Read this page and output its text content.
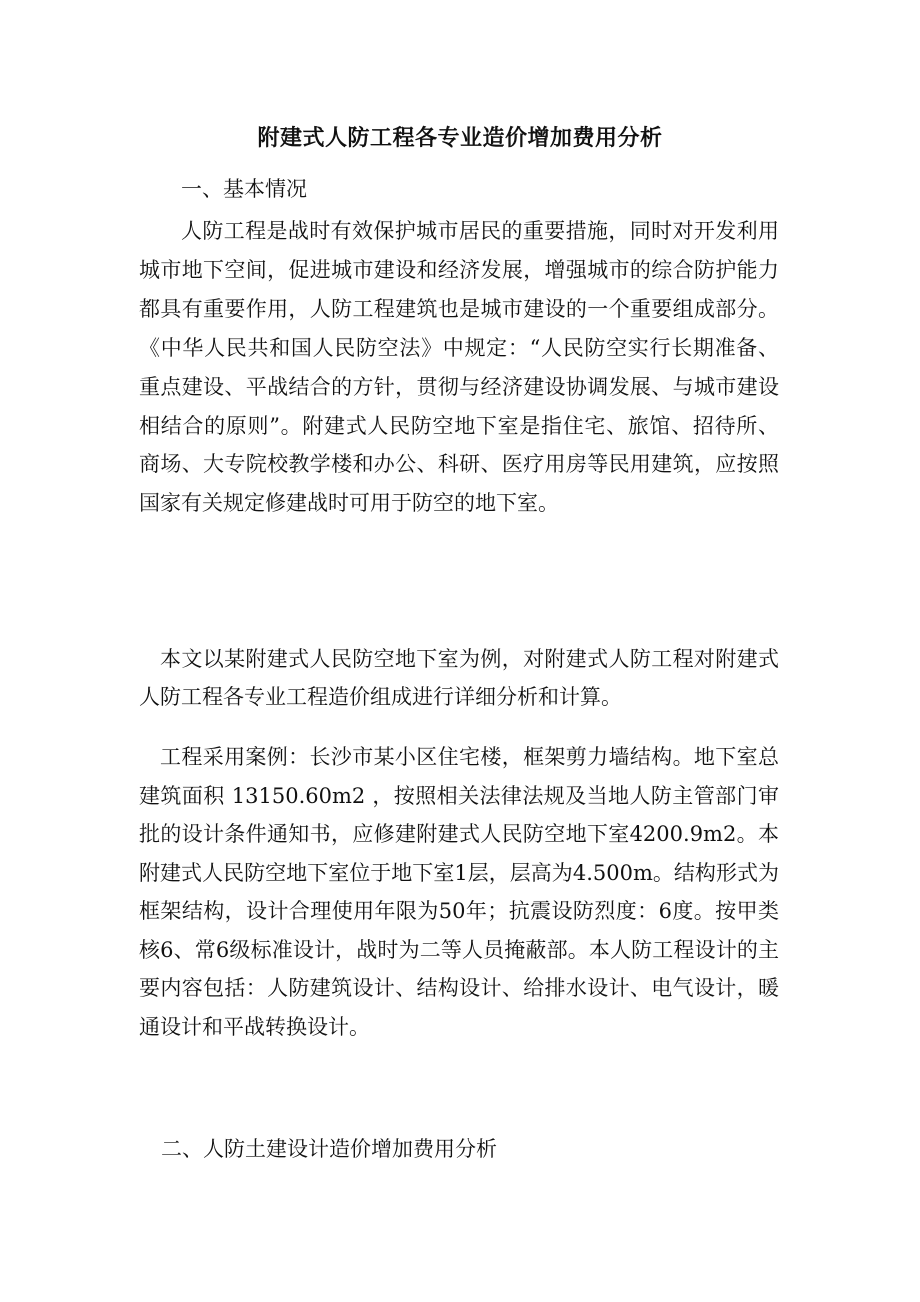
附建式人防工程各专业造价增加费用分析
一、基本情况
人防工程是战时有效保护城市居民的重要措施，同时对开发利用城市地下空间，促进城市建设和经济发展，增强城市的综合防护能力都具有重要作用，人防工程建筑也是城市建设的一个重要组成部分。《中华人民共和国人民防空法》中规定：“人民防空实行长期准备、重点建设、平战结合的方针，贯彻与经济建设协调发展、与城市建设相结合的原则”。附建式人民防空地下室是指住宅、旅馆、招待所、商场、大专院校教学楼和办公、科研、医疗用房等民用建筑，应按照国家有关规定修建战时可用于防空的地下室。
本文以某附建式人民防空地下室为例，对附建式人防工程对附建式人防工程各专业工程造价组成进行详细分析和计算。
工程采用案例：长沙市某小区住宅楼，框架剪力墙结构。地下室总建筑面积 13150.60m2 ，按照相关法律法规及当地人防主管部门审批的设计条件通知书，应修建附建式人民防空地下室4200.9m2。本附建式人民防空地下室位于地下室1层，层高为4.500m。结构形式为框架结构，设计合理使用年限为50年；抗震设防烈度：6度。按甲类核6、常6级标准设计，战时为二等人员掩蔽部。本人防工程设计的主要内容包括：人防建筑设计、结构设计、给排水设计、电气设计，暖通设计和平战转换设计。
二、人防土建设计造价增加费用分析
